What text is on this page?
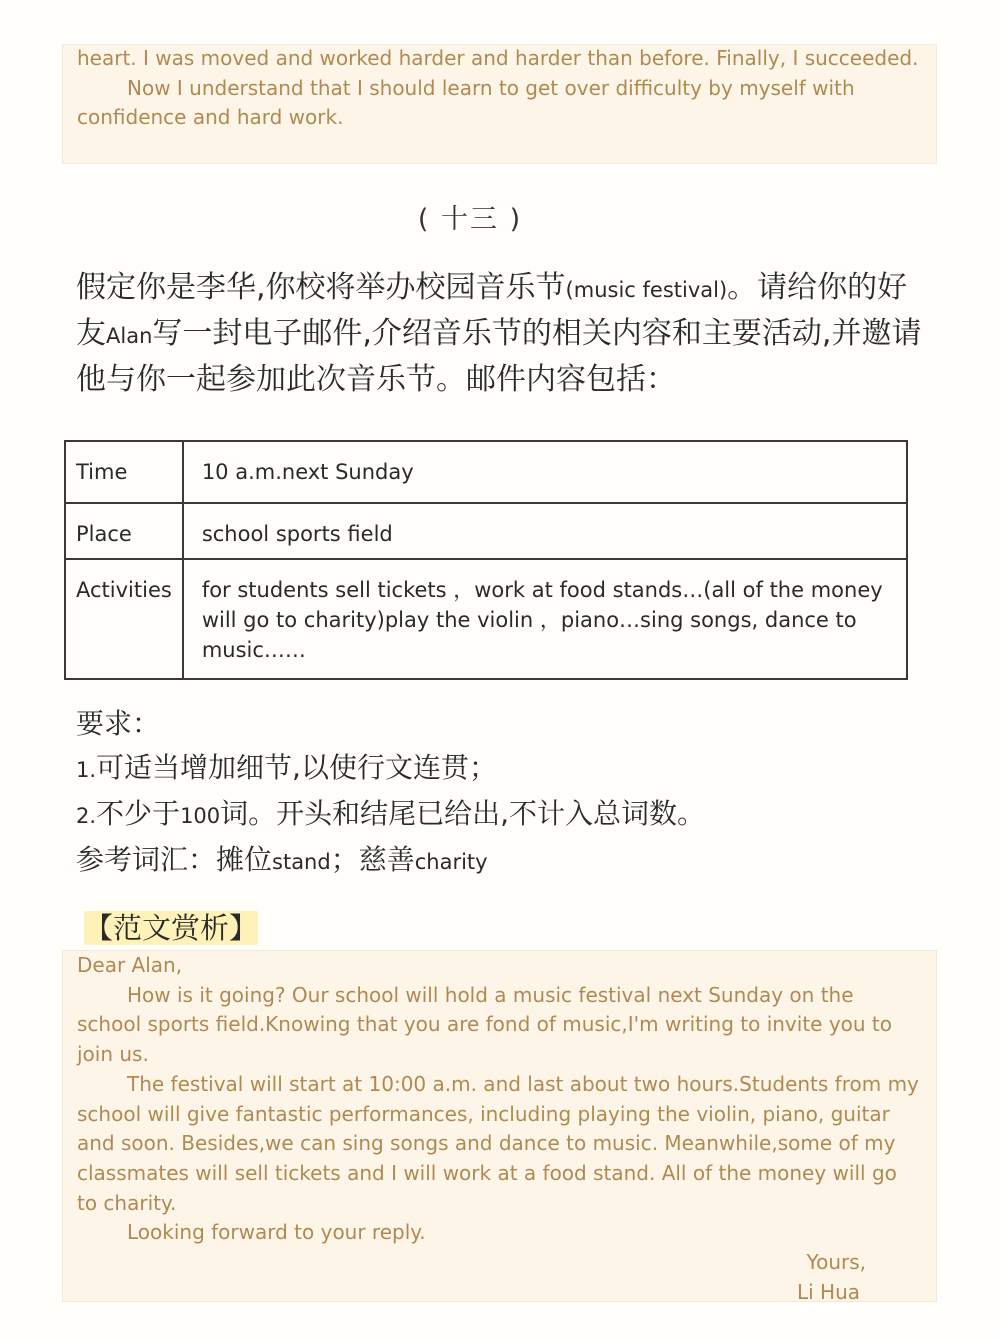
heart. I was moved and worked harder and harder than before. Finally, I succeeded.

Now I understand that I should learn to get over difficulty by myself with confidence and hard work.

( 十三 )
假定你是李华,你校将举办校园音乐节(music festival)。请给你的好友Alan写一封电子邮件,介绍音乐节的相关内容和主要活动,并邀请他与你一起参加此次音乐节。邮件内容包括：
Time	10 a.m.next Sunday
Place	school sports field
Activities	for students sell tickets ，work at food stands…(all of the money will go to charity)play the violin ，piano…sing songs, dance to music……
要求：
1.可适当增加细节,以使行文连贯；
2.不少于100词。开头和结尾已给出,不计入总词数。
参考词汇：摊位stand；慈善charity
【范文赏析】

Dear Alan,

How is it going? Our school will hold a music festival next Sunday on the school sports field.Knowing that you are fond of music,I'm writing to invite you to join us.

The festival will start at 10:00 a.m. and last about two hours.Students from my school will give fantastic performances, including playing the violin, piano, guitar and soon. Besides,we can sing songs and dance to music. Meanwhile,some of my classmates will sell tickets and I will work at a food stand. All of the money will go to charity.

Looking forward to your reply.

Yours,

Li Hua
